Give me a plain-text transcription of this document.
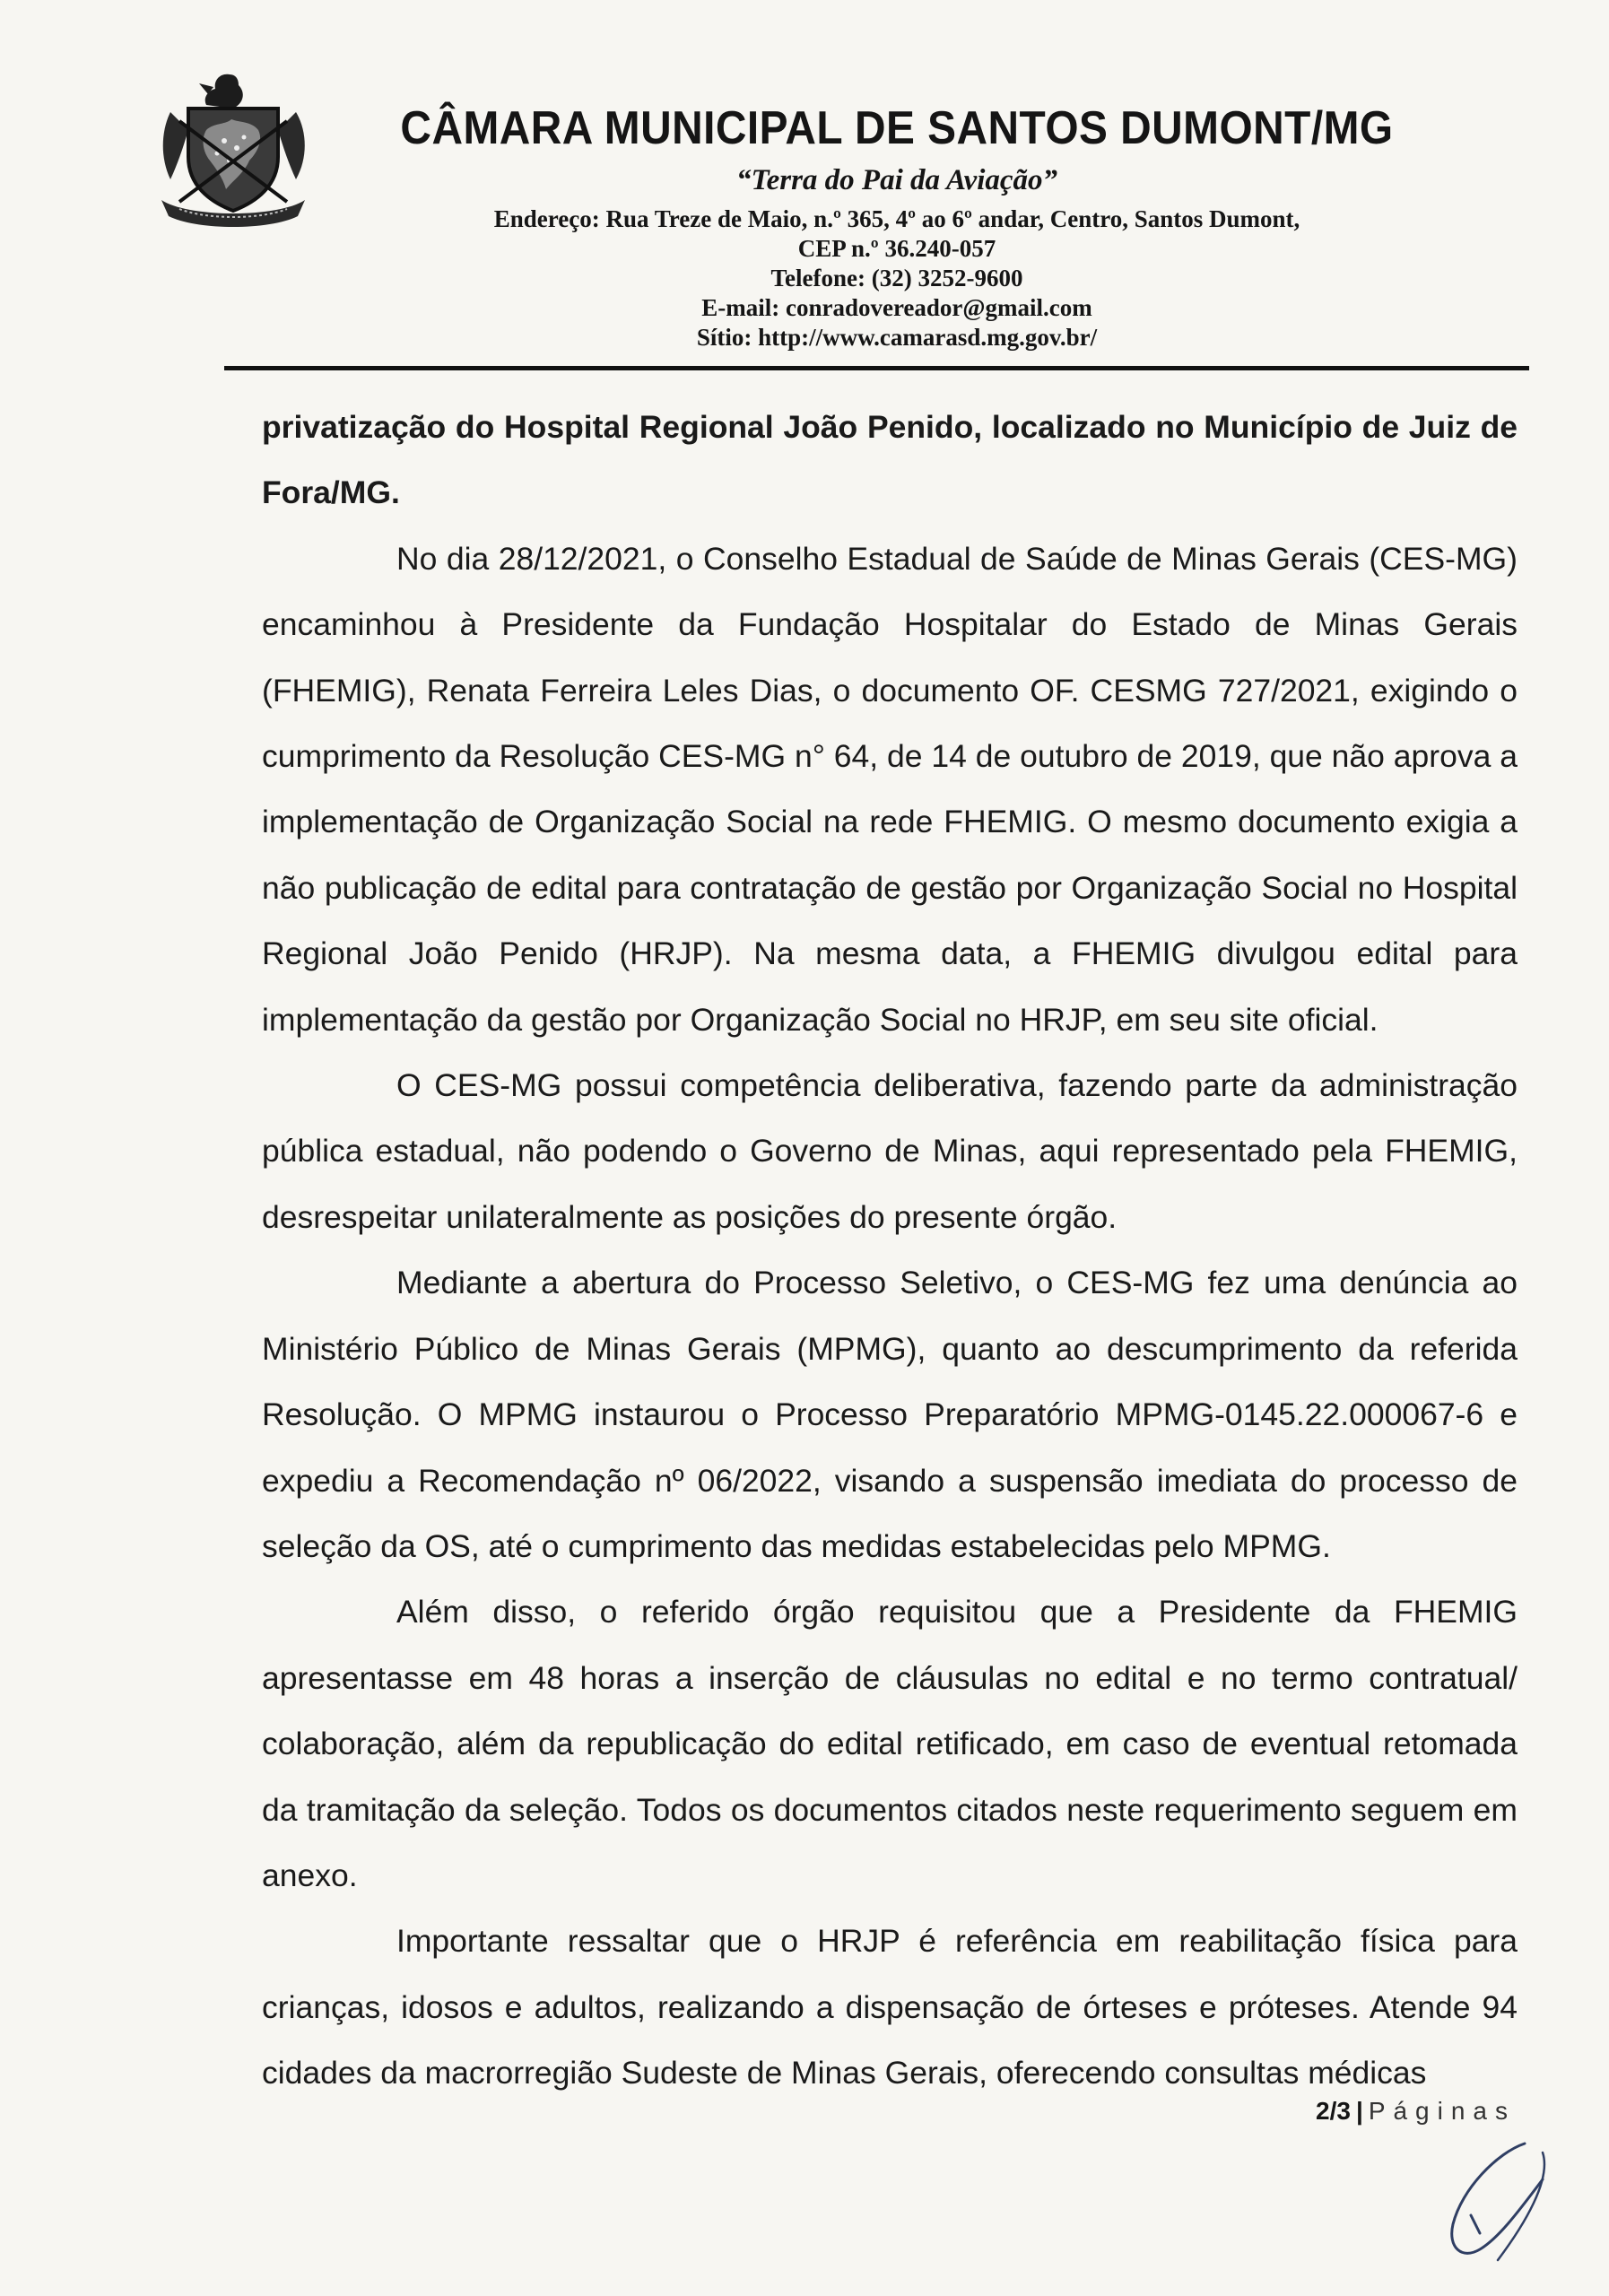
CÂMARA MUNICIPAL DE SANTOS DUMONT/MG
“Terra do Pai da Aviação”
Endereço: Rua Treze de Maio, n.º 365, 4º ao 6º andar, Centro, Santos Dumont,
CEP n.º 36.240-057
Telefone: (32) 3252-9600
E-mail: conradovereador@gmail.com
Sítio: http://www.camarasd.mg.gov.br/

privatização do Hospital Regional João Penido, localizado no Município de Juiz de Fora/MG.

No dia 28/12/2021, o Conselho Estadual de Saúde de Minas Gerais (CES-MG) encaminhou à Presidente da Fundação Hospitalar do Estado de Minas Gerais (FHEMIG), Renata Ferreira Leles Dias, o documento OF. CESMG 727/2021, exigindo o cumprimento da Resolução CES-MG n° 64, de 14 de outubro de 2019, que não aprova a implementação de Organização Social na rede FHEMIG. O mesmo documento exigia a não publicação de edital para contratação de gestão por Organização Social no Hospital Regional João Penido (HRJP). Na mesma data, a FHEMIG divulgou edital para implementação da gestão por Organização Social no HRJP, em seu site oficial.

O CES-MG possui competência deliberativa, fazendo parte da administração pública estadual, não podendo o Governo de Minas, aqui representado pela FHEMIG, desrespeitar unilateralmente as posições do presente órgão.

Mediante a abertura do Processo Seletivo, o CES-MG fez uma denúncia ao Ministério Público de Minas Gerais (MPMG), quanto ao descumprimento da referida Resolução. O MPMG instaurou o Processo Preparatório MPMG-0145.22.000067-6 e expediu a Recomendação nº 06/2022, visando a suspensão imediata do processo de seleção da OS, até o cumprimento das medidas estabelecidas pelo MPMG.

Além disso, o referido órgão requisitou que a Presidente da FHEMIG apresentasse em 48 horas a inserção de cláusulas no edital e no termo contratual/ colaboração, além da republicação do edital retificado, em caso de eventual retomada da tramitação da seleção. Todos os documentos citados neste requerimento seguem em anexo.

Importante ressaltar que o HRJP é referência em reabilitação física para crianças, idosos e adultos, realizando a dispensação de órteses e próteses. Atende 94 cidades da macrorregião Sudeste de Minas Gerais, oferecendo consultas médicas

2/3 | Páginas
